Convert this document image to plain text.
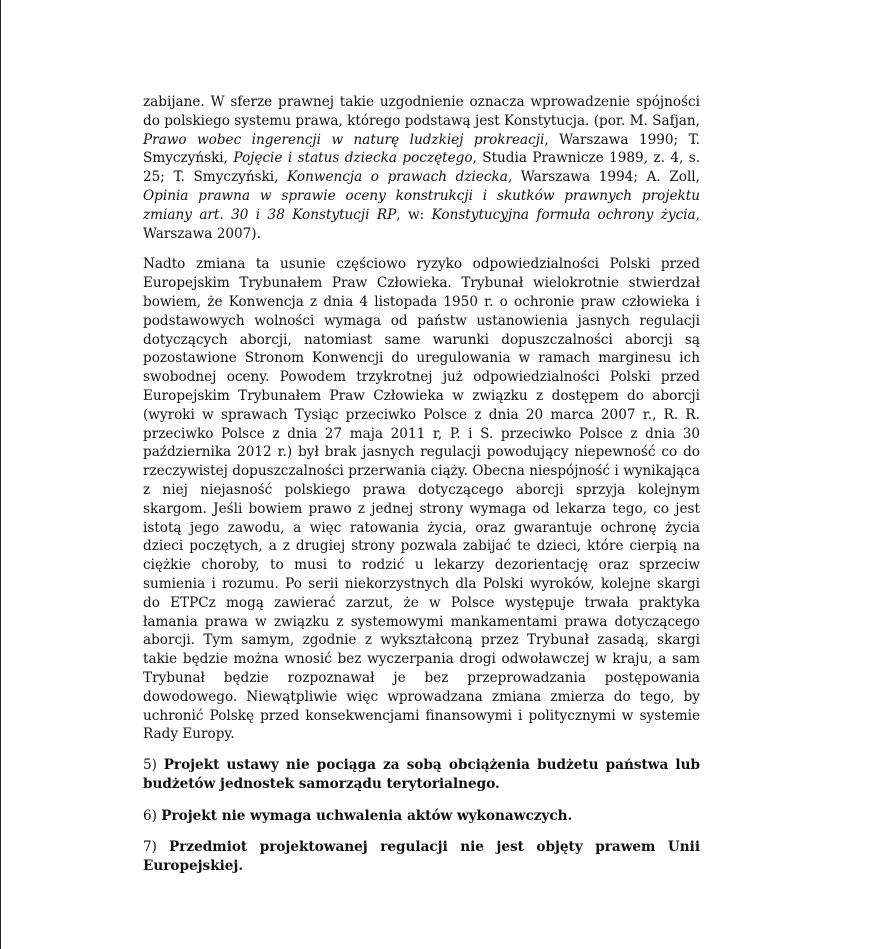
zabijane. W sferze prawnej takie uzgodnienie oznacza wprowadzenie spójności do polskiego systemu prawa, którego podstawą jest Konstytucja. (por. M. Safjan, Prawo wobec ingerencji w naturę ludzkiej prokreacji, Warszawa 1990; T. Smyczyński, Pojęcie i status dziecka poczętego, Studia Prawnicze 1989, z. 4, s. 25; T. Smyczyński, Konwencja o prawach dziecka, Warszawa 1994; A. Zoll, Opinia prawna w sprawie oceny konstrukcji i skutków prawnych projektu zmiany art. 30 i 38 Konstytucji RP, w: Konstytucyjna formuła ochrony życia, Warszawa 2007).

Nadto zmiana ta usunie częściowo ryzyko odpowiedzialności Polski przed Europejskim Trybunałem Praw Człowieka. Trybunał wielokrotnie stwierdzał bowiem, że Konwencja z dnia 4 listopada 1950 r. o ochronie praw człowieka i podstawowych wolności wymaga od państw ustanowienia jasnych regulacji dotyczących aborcji, natomiast same warunki dopuszczalności aborcji są pozostawione Stronom Konwencji do uregulowania w ramach marginesu ich swobodnej oceny. Powodem trzykrotnej już odpowiedzialności Polski przed Europejskim Trybunałem Praw Człowieka w związku z dostępem do aborcji (wyroki w sprawach Tysiąc przeciwko Polsce z dnia 20 marca 2007 r., R. R. przeciwko Polsce z dnia 27 maja 2011 r, P. i S. przeciwko Polsce z dnia 30 października 2012 r.) był brak jasnych regulacji powodujący niepewność co do rzeczywistej dopuszczalności przerwania ciąży. Obecna niespójność i wynikająca z niej niejasność polskiego prawa dotyczącego aborcji sprzyja kolejnym skargom. Jeśli bowiem prawo z jednej strony wymaga od lekarza tego, co jest istotą jego zawodu, a więc ratowania życia, oraz gwarantuje ochronę życia dzieci poczętych, a z drugiej strony pozwala zabijać te dzieci, które cierpią na ciężkie choroby, to musi to rodzić u lekarzy dezorientację oraz sprzeciw sumienia i rozumu. Po serii niekorzystnych dla Polski wyroków, kolejne skargi do ETPCz mogą zawierać zarzut, że w Polsce występuje trwała praktyka łamania prawa w związku z systemowymi mankamentami prawa dotyczącego aborcji. Tym samym, zgodnie z wykształconą przez Trybunał zasadą, skargi takie będzie można wnosić bez wyczerpania drogi odwoławczej w kraju, a sam Trybunał będzie rozpoznawał je bez przeprowadzania postępowania dowodowego. Niewątpliwie więc wprowadzana zmiana zmierza do tego, by uchronić Polskę przed konsekwencjami finansowymi i politycznymi w systemie Rady Europy.

5) Projekt ustawy nie pociąga za sobą obciążenia budżetu państwa lub budżetów jednostek samorządu terytorialnego.

6) Projekt nie wymaga uchwalenia aktów wykonawczych.

7) Przedmiot projektowanej regulacji nie jest objęty prawem Unii Europejskiej.
